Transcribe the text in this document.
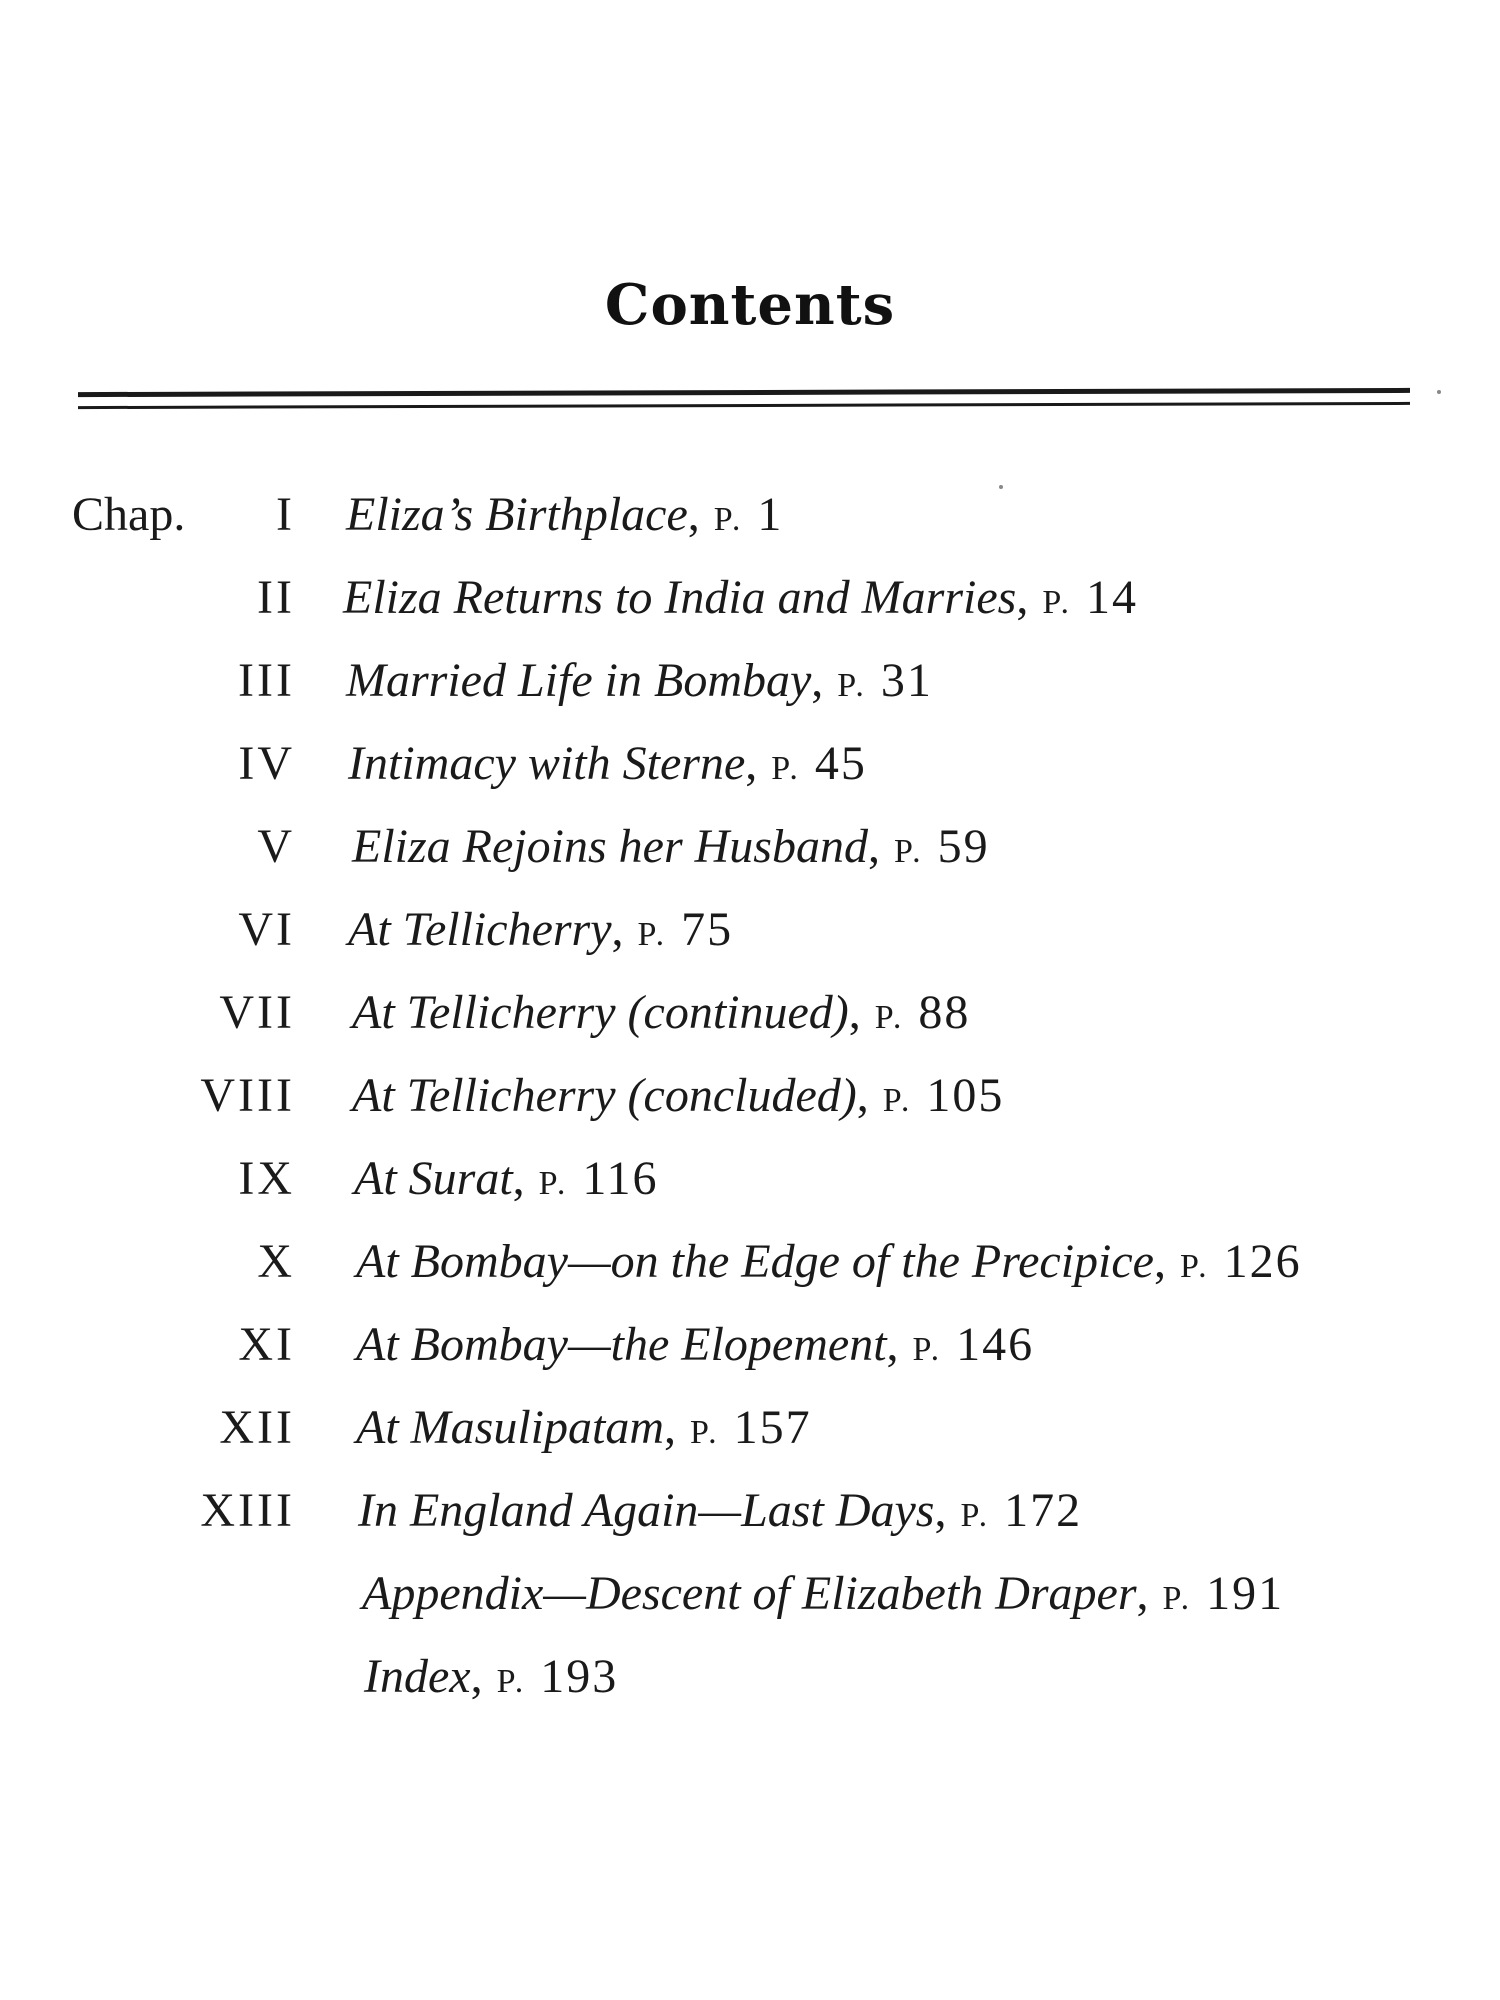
Contents
Chap. I Eliza’s Birthplace, P. 1
II Eliza Returns to India and Marries, P. 14
III Married Life in Bombay, P. 31
IV Intimacy with Sterne, P. 45
V Eliza Rejoins her Husband, P. 59
VI At Tellicherry, P. 75
VII At Tellicherry (continued), P. 88
VIII At Tellicherry (concluded), P. 105
IX At Surat, P. 116
X At Bombay—on the Edge of the Precipice, P. 126
XI At Bombay—the Elopement, P. 146
XII At Masulipatam, P. 157
XIII In England Again—Last Days, P. 172
Appendix—Descent of Elizabeth Draper, P. 191
Index, P. 193
